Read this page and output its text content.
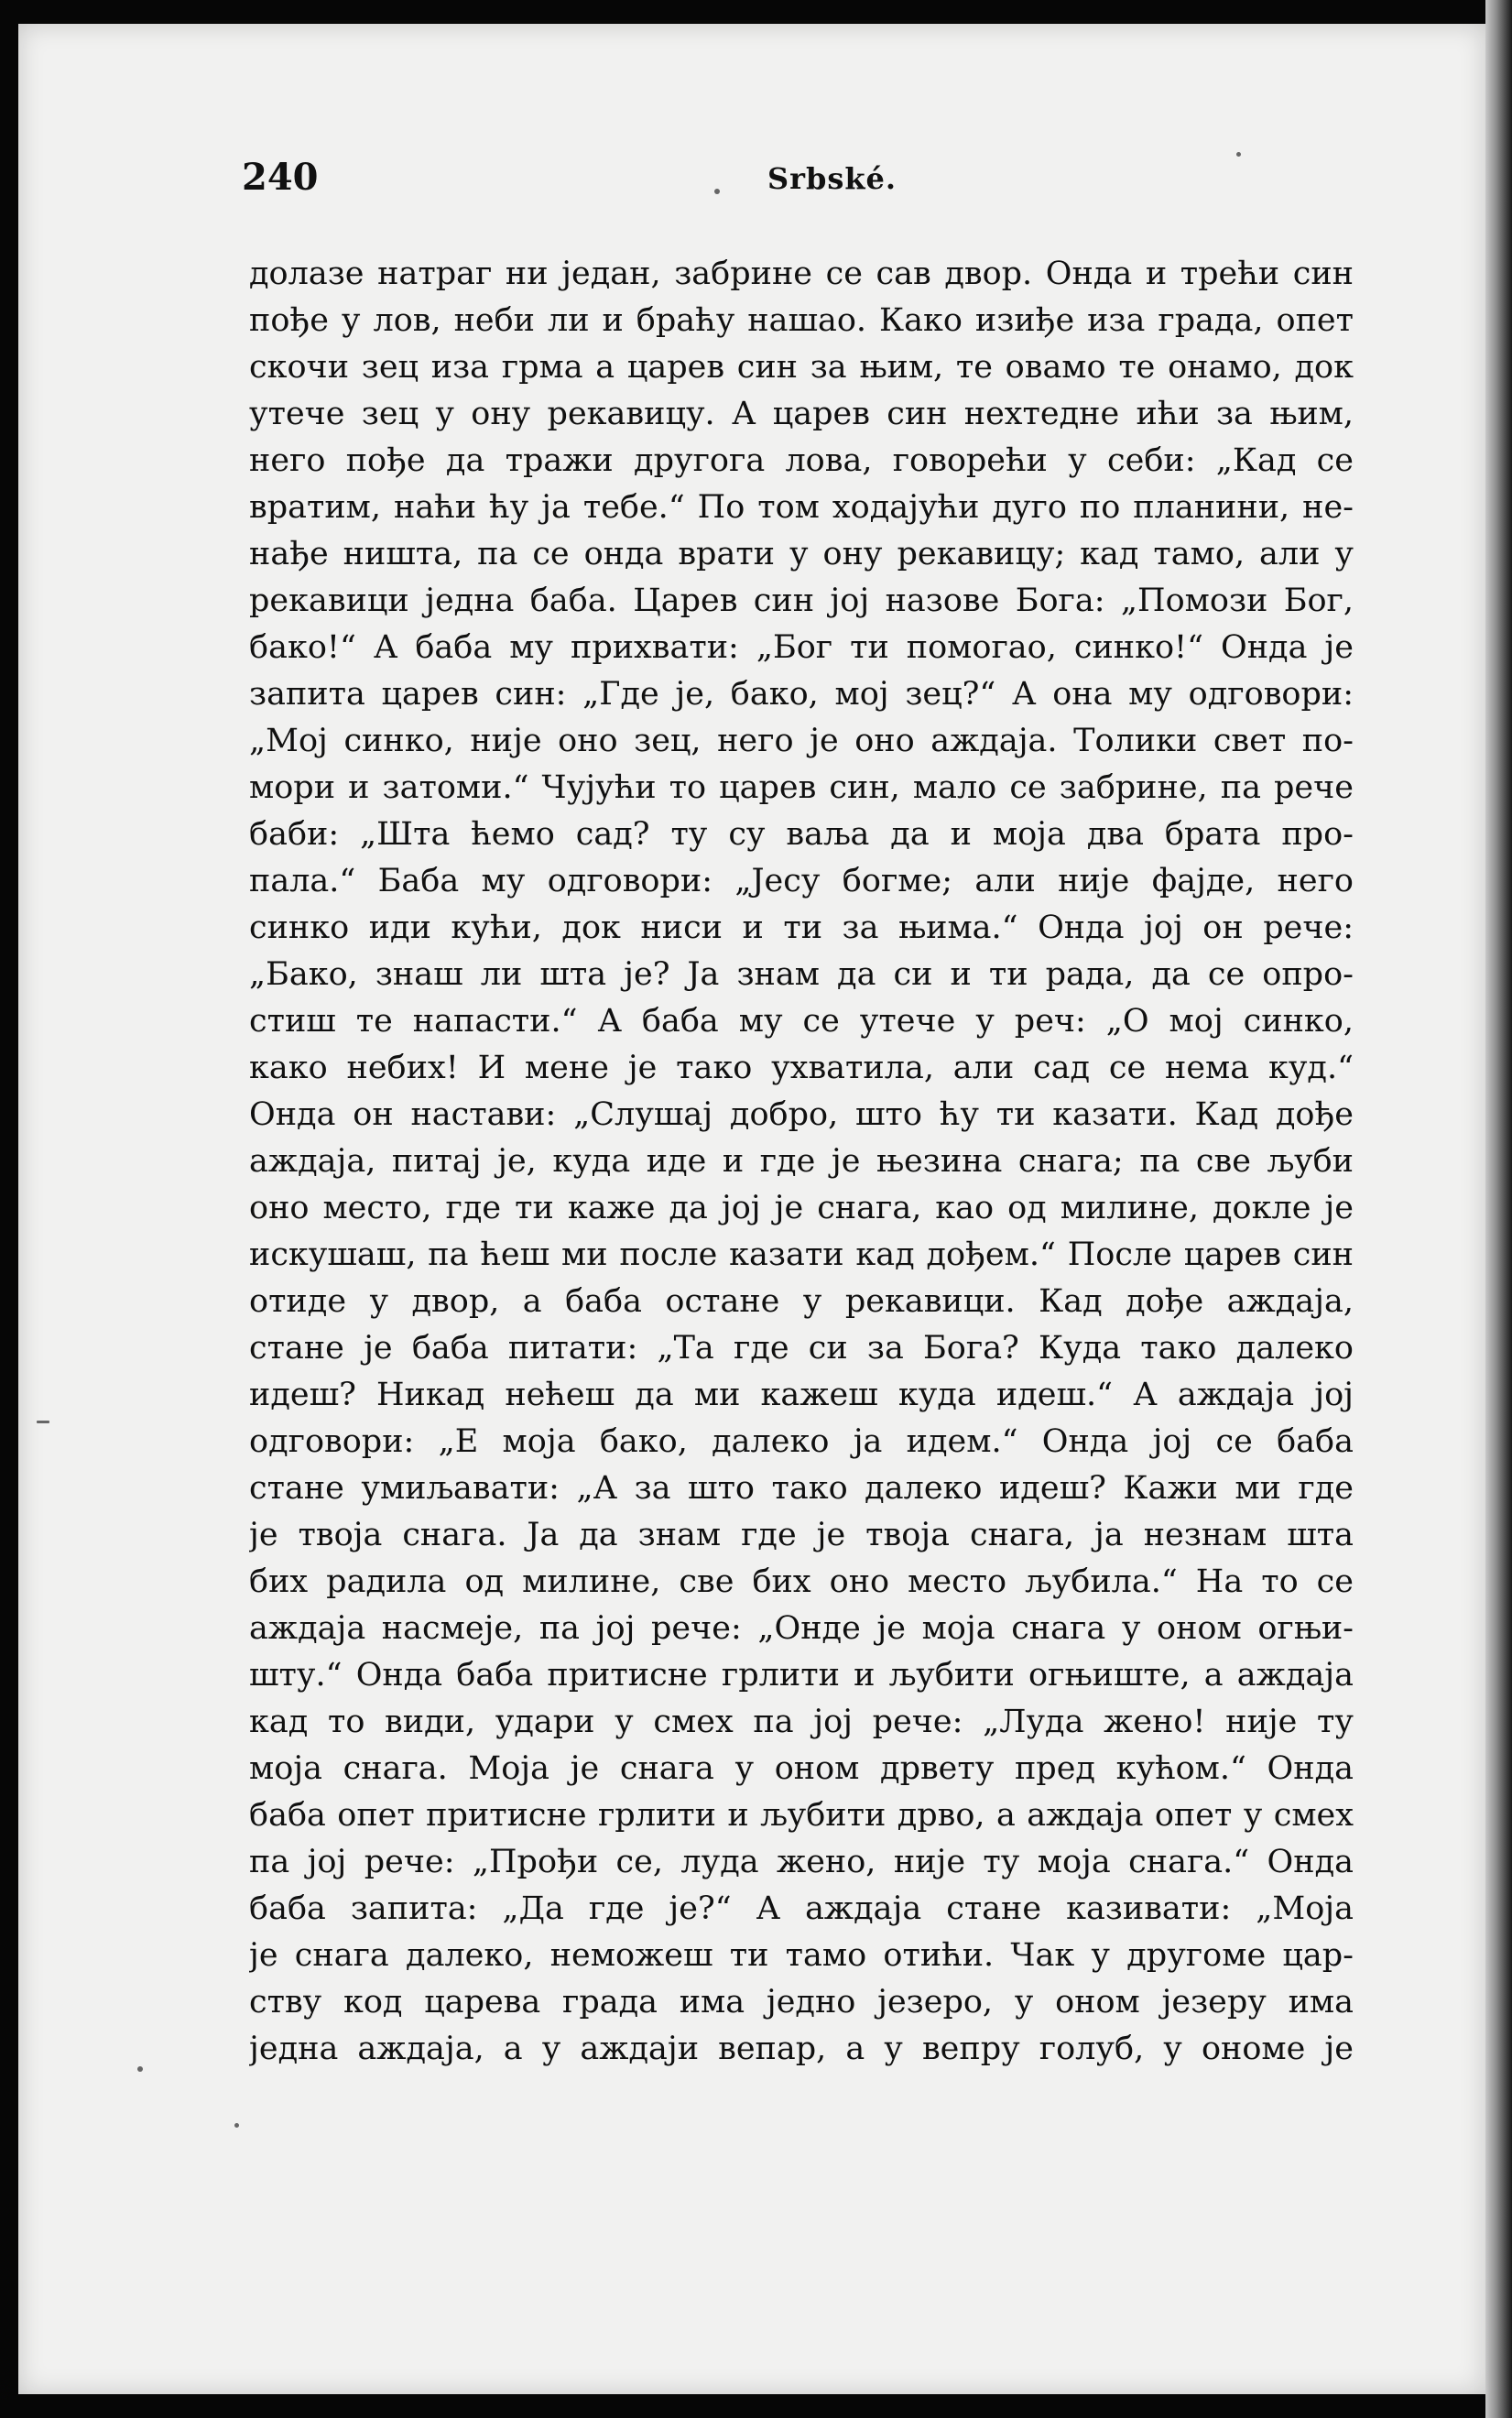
240	Srbské.
долазе натраг ни један, забрине се сав двор. Онда и трећи син
пође у лов, неби ли и браћу нашао. Како изиђе иза града, опет
скочи зец иза грма а царев син за њим, те овамо те онамо, док
утече зец у ону рекавицу. А царев син нехтедне ићи за њим,
него пође да тражи другога лова, говорећи у себи: „Кад се
вратим, наћи ћу ја тебе.“ По том ходајући дуго по планини, не-
нађе ништа, па се онда врати у ону рекавицу; кад тамо, али у
рекавици једна баба. Царев син јој назове Бога: „Помози Бог,
бако!“ А баба му прихвати: „Бог ти помогао, синко!“ Онда је
запита царев син: „Где је, бако, мој зец?“ А она му одговори:
„Мој синко, није оно зец, него је оно аждаја. Толики свет по-
мори и затоми.“ Чујући то царев син, мало се забрине, па рече
баби: „Шта ћемо сад? ту су ваља да и моја два брата про-
пала.“ Баба му одговори: „Јесу богме; али није фајде, него
синко иди кући, док ниси и ти за њима.“ Онда јој он рече:
„Бако, знаш ли шта је? Ја знам да си и ти рада, да се опро-
стиш те напасти.“ А баба му се утече у реч: „О мој синко,
како небих! И мене је тако ухватила, али сад се нема куд.“
Онда он настави: „Слушај добро, што ћу ти казати. Кад дође
аждаја, питај је, куда иде и где је њезина снага; па све љуби
оно место, где ти каже да јој је снага, као од милине, докле је
искушаш, па ћеш ми после казати кад дођем.“ После царев син
отиде у двор, а баба остане у рекавици. Кад дође аждаја,
стане је баба питати: „Та где си за Бога? Куда тако далеко
идеш? Никад нећеш да ми кажеш куда идеш.“ А аждаја јој
одговори: „Е моја бако, далеко ја идем.“ Онда јој се баба
стане умиљавати: „А за што тако далеко идеш? Кажи ми где
је твоја снага. Ја да знам где је твоја снага, ја незнам шта
бих радила од милине, све бих оно место љубила.“ На то се
аждаја насмеје, па јој рече: „Онде је моја снага у оном огњи-
шту.“ Онда баба притисне грлити и љубити огњиште, а аждаја
кад то види, удари у смех па јој рече: „Луда жено! није ту
моја снага. Моја је снага у оном дрвету пред кућом.“ Онда
баба опет притисне грлити и љубити дрво, а аждаја опет у смех
па јој рече: „Прођи се, луда жено, није ту моја снага.“ Онда
баба запита: „Да где је?“ А аждаја стане казивати: „Моја
је снага далеко, неможеш ти тамо отићи. Чак у другоме цар-
ству код царева града има једно језеро, у оном језеру има
једна аждаја, а у аждаји вепар, а у вепру голуб, у ономе је
